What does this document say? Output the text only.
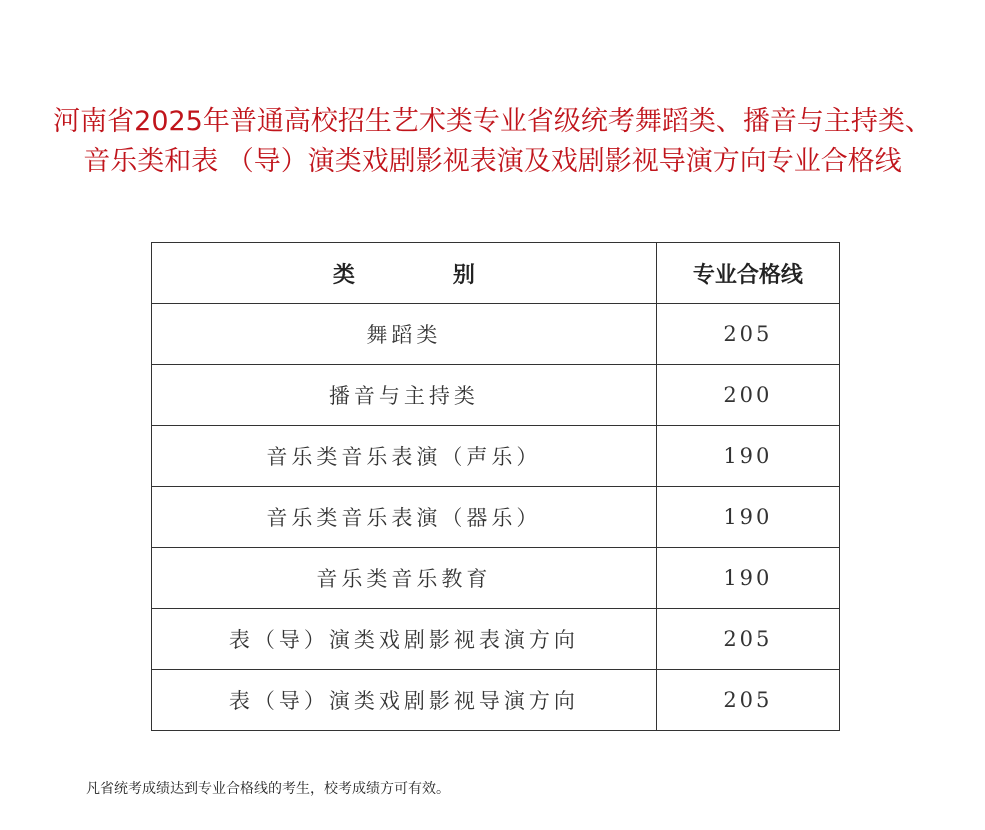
河南省2025年普通高校招生艺术类专业省级统考舞蹈类、播音与主持类、音乐类和表 （导）演类戏剧影视表演及戏剧影视导演方向专业合格线
类　别	专业合格线
舞蹈类	205
播音与主持类	200
音乐类音乐表演（声乐）	190
音乐类音乐表演（器乐）	190
音乐类音乐教育	190
表（导）演类戏剧影视表演方向	205
表（导）演类戏剧影视导演方向	205

凡省统考成绩达到专业合格线的考生，校考成绩方可有效。
